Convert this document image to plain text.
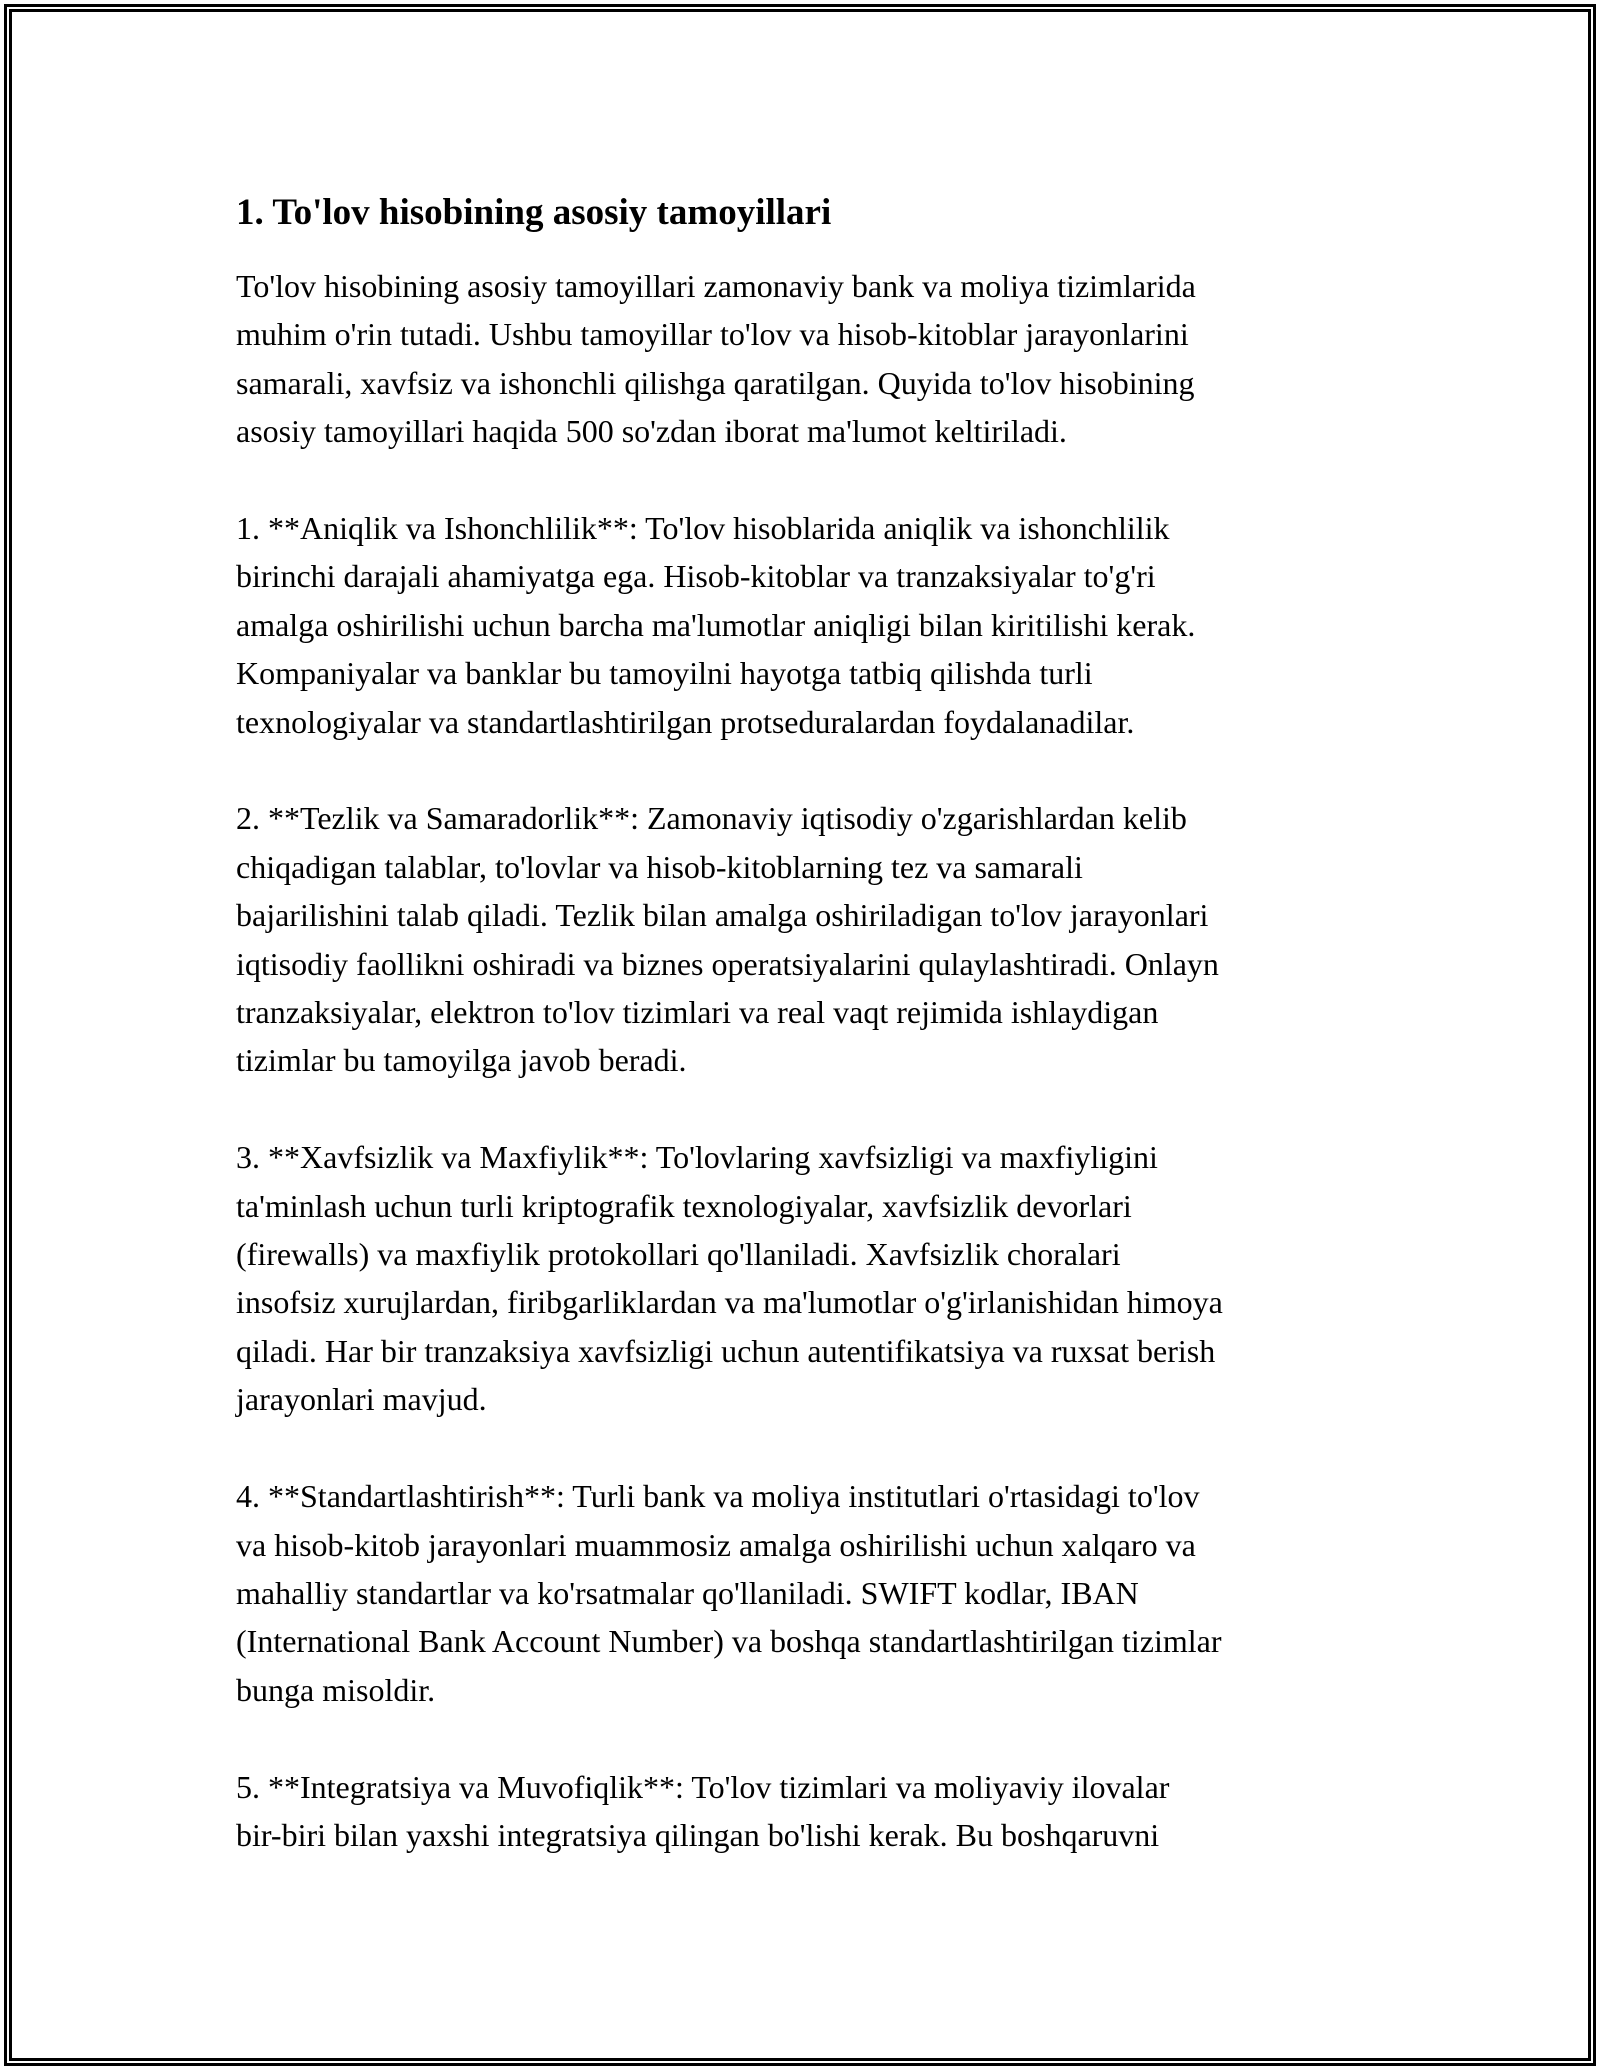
1. To'lov hisobining asosiy tamoyillari
To'lov hisobining asosiy tamoyillari zamonaviy bank va moliya tizimlarida
muhim o'rin tutadi. Ushbu tamoyillar to'lov va hisob-kitoblar jarayonlarini
samarali, xavfsiz va ishonchli qilishga qaratilgan. Quyida to'lov hisobining
asosiy tamoyillari haqida 500 so'zdan iborat ma'lumot keltiriladi.
1. **Aniqlik va Ishonchlilik**: To'lov hisoblarida aniqlik va ishonchlilik
birinchi darajali ahamiyatga ega. Hisob-kitoblar va tranzaksiyalar to'g'ri
amalga oshirilishi uchun barcha ma'lumotlar aniqligi bilan kiritilishi kerak.
Kompaniyalar va banklar bu tamoyilni hayotga tatbiq qilishda turli
texnologiyalar va standartlashtirilgan protseduralardan foydalanadilar.
2. **Tezlik va Samaradorlik**: Zamonaviy iqtisodiy o'zgarishlardan kelib
chiqadigan talablar, to'lovlar va hisob-kitoblarning tez va samarali
bajarilishini talab qiladi. Tezlik bilan amalga oshiriladigan to'lov jarayonlari
iqtisodiy faollikni oshiradi va biznes operatsiyalarini qulaylashtiradi. Onlayn
tranzaksiyalar, elektron to'lov tizimlari va real vaqt rejimida ishlaydigan
tizimlar bu tamoyilga javob beradi.
3. **Xavfsizlik va Maxfiylik**: To'lovlaring xavfsizligi va maxfiyligini
ta'minlash uchun turli kriptografik texnologiyalar, xavfsizlik devorlari
(firewalls) va maxfiylik protokollari qo'llaniladi. Xavfsizlik choralari
insofsiz xurujlardan, firibgarliklardan va ma'lumotlar o'g'irlanishidan himoya
qiladi. Har bir tranzaksiya xavfsizligi uchun autentifikatsiya va ruxsat berish
jarayonlari mavjud.
4. **Standartlashtirish**: Turli bank va moliya institutlari o'rtasidagi to'lov
va hisob-kitob jarayonlari muammosiz amalga oshirilishi uchun xalqaro va
mahalliy standartlar va ko'rsatmalar qo'llaniladi. SWIFT kodlar, IBAN
(International Bank Account Number) va boshqa standartlashtirilgan tizimlar
bunga misoldir.
5. **Integratsiya va Muvofiqlik**: To'lov tizimlari va moliyaviy ilovalar
bir-biri bilan yaxshi integratsiya qilingan bo'lishi kerak. Bu boshqaruvni
